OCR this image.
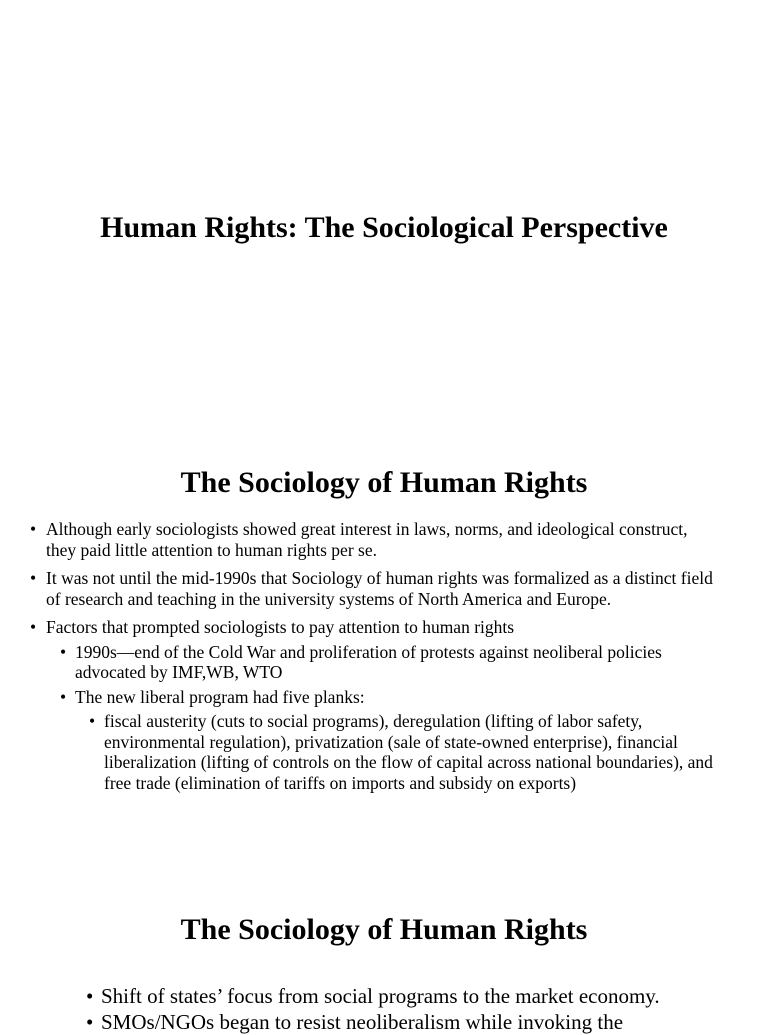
Human Rights: The Sociological Perspective
The Sociology of Human Rights
• Although early sociologists showed great interest in laws, norms, and ideological construct, they paid little attention to human rights per se.
• It was not until the mid-1990s that Sociology of human rights was formalized as a distinct field of research and teaching in the university systems of North America and Europe.
• Factors that prompted sociologists to pay attention to human rights
• 1990s—end of the Cold War and proliferation of protests against neoliberal policies advocated by IMF,WB, WTO
• The new liberal program had five planks:
• fiscal austerity (cuts to social programs), deregulation (lifting of labor safety, environmental regulation), privatization (sale of state-owned enterprise), financial liberalization (lifting of controls on the flow of capital across national boundaries), and free trade (elimination of tariffs on imports and subsidy on exports)
The Sociology of Human Rights
• Shift of states’ focus from social programs to the market economy.
• SMOs/NGOs began to resist neoliberalism while invoking the
